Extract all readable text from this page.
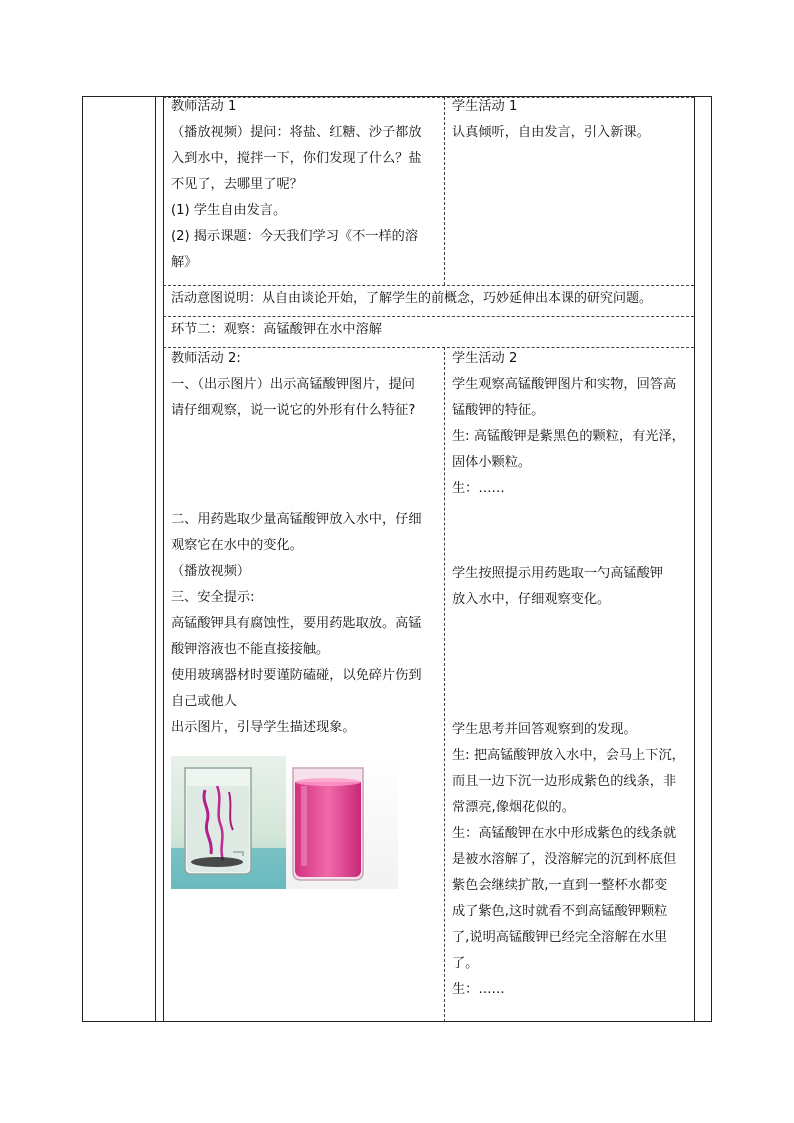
教师活动 1
（播放视频）提问：将盐、红糖、沙子都放
入到水中，搅拌一下，你们发现了什么？盐
不见了，去哪里了呢？
(1) 学生自由发言。
(2) 揭示课题：今天我们学习《不一样的溶
解》
学生活动 1
认真倾听，自由发言，引入新课。
活动意图说明：从自由谈论开始，了解学生的前概念，巧妙延伸出本课的研究问题。
环节二：观察：高锰酸钾在水中溶解
教师活动 2:
一、（出示图片）出示高锰酸钾图片，提问
请仔细观察，说一说它的外形有什么特征?
二、用药匙取少量高锰酸钾放入水中，仔细
观察它在水中的变化。
（播放视频）
三、安全提示:
高锰酸钾具有腐蚀性，要用药匙取放。高锰
酸钾溶液也不能直接接触。
使用玻璃器材时要谨防磕碰，以免碎片伤到
自己或他人
出示图片，引导学生描述现象。
学生活动 2
学生观察高锰酸钾图片和实物，回答高
锰酸钾的特征。
生: 高锰酸钾是紫黑色的颗粒，有光泽，
固体小颗粒。
生：……
学生按照提示用药匙取一勺高锰酸钾
放入水中，仔细观察变化。
学生思考并回答观察到的发现。
生: 把高锰酸钾放入水中，会马上下沉，
而且一边下沉一边形成紫色的线条，非
常漂亮,像烟花似的。
生：高锰酸钾在水中形成紫色的线条就
是被水溶解了，没溶解完的沉到杯底但
紫色会继续扩散,一直到一整杯水都变
成了紫色,这时就看不到高锰酸钾颗粒
了,说明高锰酸钾已经完全溶解在水里
了。
生：……
